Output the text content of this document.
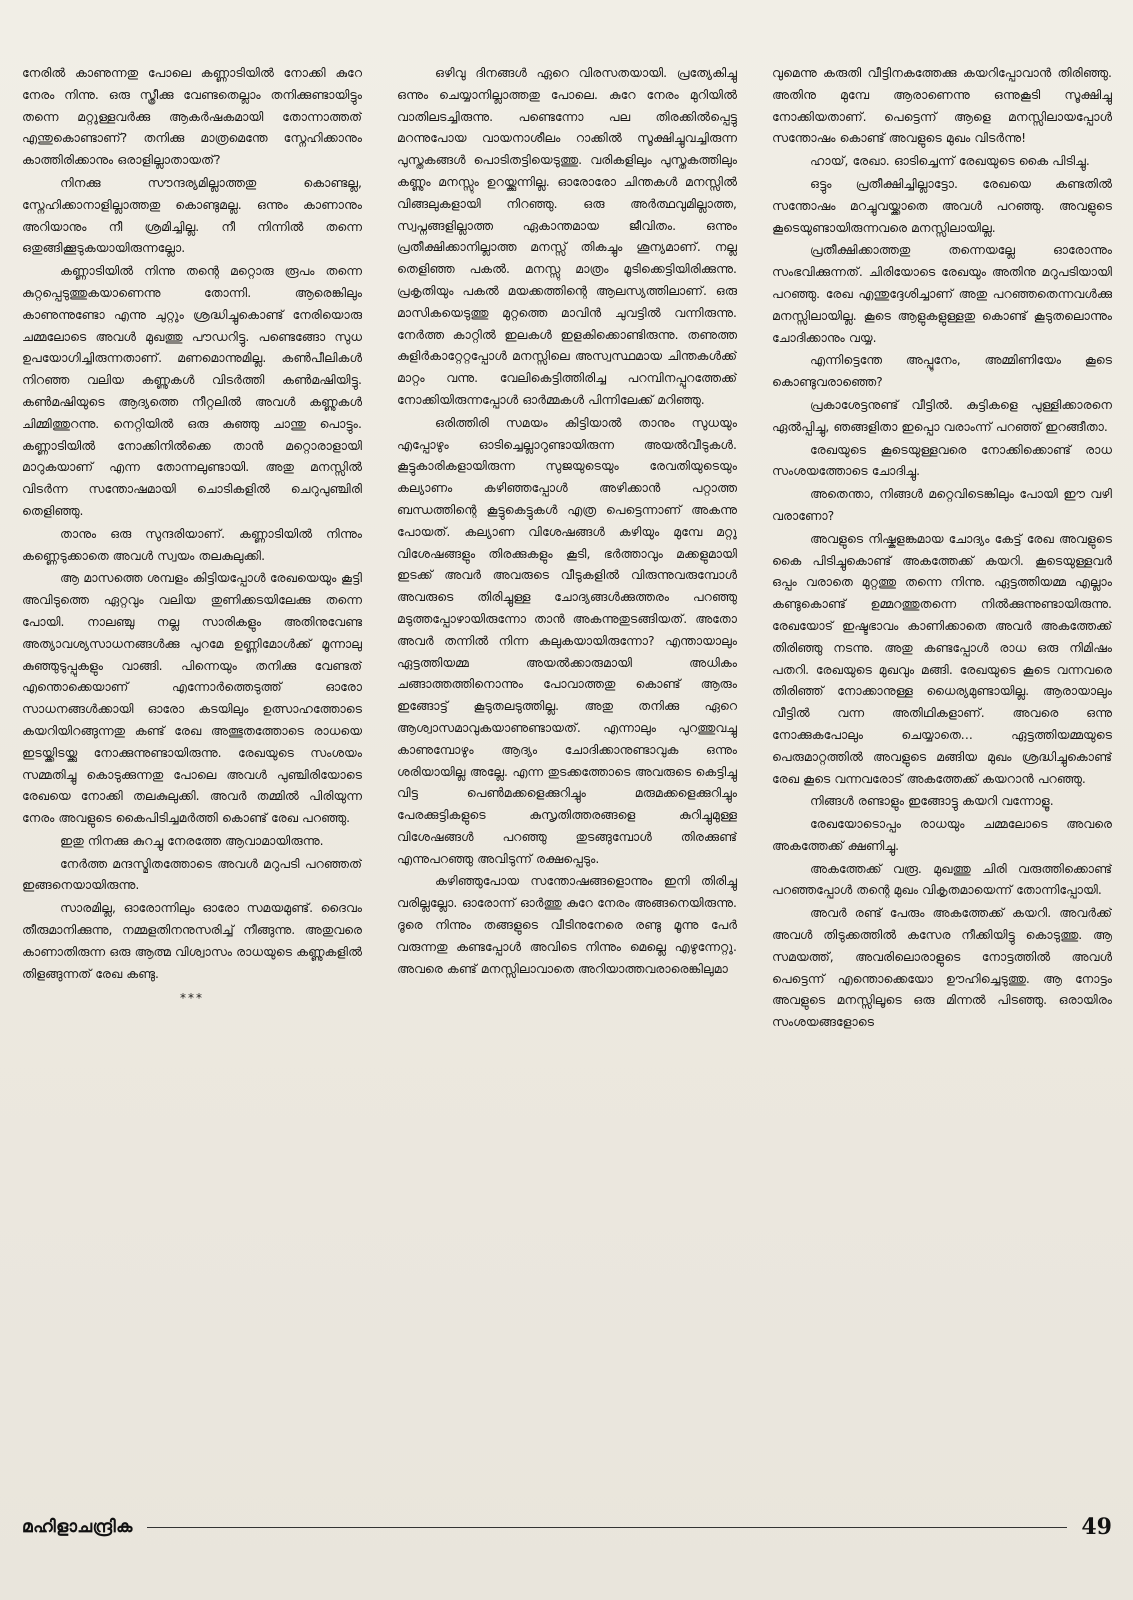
നേരിൽ കാണുന്നതു പോലെ കണ്ണാടിയിൽ നോക്കി കുറേ നേരം നിന്നു. ഒരു സ്ത്രീക്കു വേണ്ടതെല്ലാം തനിക്കുണ്ടായിട്ടും തന്നെ മറ്റുള്ളവർക്കു ആകർഷകമായി തോന്നാത്തത് എന്തുകൊണ്ടാണ്? തനിക്കു മാത്രമെന്തേ സ്നേഹിക്കാനും കാത്തിരിക്കാനും ഒരാളില്ലാതായത്?

നിനക്കു സൗന്ദര്യമില്ലാത്തതു കൊണ്ടല്ല, സ്നേഹിക്കാനാളില്ലാത്തതു കൊണ്ടുമല്ല. ഒന്നും കാണാനും അറിയാനും നീ ശ്രമിച്ചില്ല. നീ നിന്നിൽ തന്നെ ഒതുങ്ങിക്കൂടുകയായിരുന്നല്ലോ.

കണ്ണാടിയിൽ നിന്നു തന്റെ മറ്റൊരു രൂപം തന്നെ കുറ്റപ്പെടുത്തുകയാണെന്നു തോന്നി. ആരെങ്കിലും കാണുന്നുണ്ടോ എന്നു ചുറ്റും ശ്രദ്ധിച്ചുകൊണ്ട് നേരിയൊരു ചമ്മലോടെ അവൾ മുഖത്തു പൗഡറിട്ടു. പണ്ടെങ്ങോ സുധ ഉപയോഗിച്ചിരുന്നതാണ്. മണമൊന്നുമില്ല. കൺപീലികൾ നിറഞ്ഞ വലിയ കണ്ണുകൾ വിടർത്തി കൺമഷിയിട്ടു. കൺമഷിയുടെ ആദ്യത്തെ നീറ്റലിൽ അവൾ കണ്ണുകൾ ചിമ്മിത്തുറന്നു. നെറ്റിയിൽ ഒരു കുഞ്ഞു ചാന്തു പൊട്ടും. കണ്ണാടിയിൽ നോക്കിനിൽക്കെ താൻ മറ്റൊരാളായി മാറുകയാണ് എന്ന തോന്നലുണ്ടായി. അതു മനസ്സിൽ വിടർന്ന സന്തോഷമായി ചൊടികളിൽ ചെറുപുഞ്ചിരി തെളിഞ്ഞു.

താനും ഒരു സുന്ദരിയാണ്. കണ്ണാടിയിൽ നിന്നും കണ്ണെടുക്കാതെ അവൾ സ്വയം തലകുലുക്കി.

ആ മാസത്തെ ശമ്പളം കിട്ടിയപ്പോൾ രേഖയെയും കൂട്ടി അവിടുത്തെ ഏറ്റവും വലിയ തുണിക്കടയിലേക്കു തന്നെ പോയി. നാലഞ്ചു നല്ല സാരികളും അതിനുവേണ്ട അത്യാവശ്യസാധനങ്ങൾക്കു പുറമേ ഉണ്ണിമോൾക്ക് മൂന്നാലു കുഞ്ഞുടുപ്പുകളും വാങ്ങി. പിന്നെയും തനിക്കു വേണ്ടത് എന്തൊക്കെയാണ് എന്നോർത്തെടുത്ത് ഓരോ സാധനങ്ങൾക്കായി ഓരോ കടയിലും ഉത്സാഹത്തോടെ കയറിയിറങ്ങുന്നതു കണ്ട് രേഖ അത്ഭുതത്തോടെ രാധയെ ഇടയ്ക്കിടയ്ക്കു നോക്കുന്നുണ്ടായിരുന്നു. രേഖയുടെ സംശയം സമ്മതിച്ചു കൊടുക്കുന്നതു പോലെ അവൾ പുഞ്ചിരിയോടെ രേഖയെ നോക്കി തലകുലുക്കി. അവർ തമ്മിൽ പിരിയുന്ന നേരം അവളുടെ കൈപിടിച്ചമർത്തി കൊണ്ട് രേഖ പറഞ്ഞു.

ഇതു നിനക്കു കുറച്ചു നേരത്തേ ആവാമായിരുന്നു.

നേർത്ത മന്ദസ്മിതത്തോടെ അവൾ മറുപടി പറഞ്ഞത് ഇങ്ങനെയായിരുന്നു.

സാരമില്ല, ഓരോന്നിലും ഓരോ സമയമുണ്ട്. ദൈവം തീരുമാനിക്കുന്നു, നമ്മളതിനനുസരിച്ച് നീങ്ങുന്നു. അതുവരെ കാണാതിരുന്ന ഒരു ആത്മ വിശ്വാസം രാധയുടെ കണ്ണുകളിൽ തിളങ്ങുന്നത് രേഖ കണ്ടു.

***

ഒഴിവു ദിനങ്ങൾ ഏറെ വിരസതയായി. പ്രത്യേകിച്ചു ഒന്നും ചെയ്യാനില്ലാത്തതു പോലെ. കുറേ നേരം മുറിയിൽ വാതിലടച്ചിരുന്നു. പണ്ടെന്നോ പല തിരക്കിൽപ്പെട്ടു മറന്നുപോയ വായനാശീലം റാക്കിൽ സൂക്ഷിച്ചുവച്ചിരുന്ന പുസ്തകങ്ങൾ പൊടിതട്ടിയെടുത്തു. വരികളിലും പുസ്തകത്തിലും കണ്ണും മനസ്സും ഉറയ്ക്കുന്നില്ല. ഓരോരോ ചിന്തകൾ മനസ്സിൽ വിങ്ങലുകളായി നിറഞ്ഞു. ഒരു അർത്ഥവുമില്ലാത്ത, സ്വപ്നങ്ങളില്ലാത്ത ഏകാന്തമായ ജീവിതം. ഒന്നും പ്രതീക്ഷിക്കാനില്ലാത്ത മനസ്സ് തികച്ചും ശൂന്യമാണ്. നല്ല തെളിഞ്ഞ പകൽ. മനസ്സു മാത്രം മൂടിക്കെട്ടിയിരിക്കുന്നു. പ്രകൃതിയും പകൽ മയക്കത്തിന്റെ ആലസ്യത്തിലാണ്. ഒരു മാസികയെടുത്തു മുറ്റത്തെ മാവിൻ ചുവട്ടിൽ വന്നിരുന്നു. നേർത്ത കാറ്റിൽ ഇലകൾ ഇളകിക്കൊണ്ടിരുന്നു. തണുത്ത കുളിർകാറ്റേറ്റപ്പോൾ മനസ്സിലെ അസ്വസ്ഥമായ ചിന്തകൾക്ക് മാറ്റം വന്നു. വേലികെട്ടിത്തിരിച്ച പറമ്പിനപ്പുറത്തേക്ക് നോക്കിയിരുന്നപ്പോൾ ഓർമ്മകൾ പിന്നിലേക്ക് മറിഞ്ഞു.

ഒരിത്തിരി സമയം കിട്ടിയാൽ താനും സുധയും എപ്പോഴും ഓടിച്ചെല്ലാറുണ്ടായിരുന്ന അയൽവീടുകൾ. കൂട്ടുകാരികളായിരുന്ന സുജയുടെയും രേവതിയുടെയും കല്യാണം കഴിഞ്ഞപ്പോൾ അഴിക്കാൻ പറ്റാത്ത ബന്ധത്തിന്റെ കൂട്ടുകെട്ടുകൾ എത്ര പെട്ടെന്നാണ് അകന്നു പോയത്. കല്യാണ വിശേഷങ്ങൾ കഴിയും മുമ്പേ മറ്റു വിശേഷങ്ങളും തിരക്കുകളും കൂടി, ഭർത്താവും മക്കളുമായി ഇടക്ക് അവർ അവരുടെ വീടുകളിൽ വിരുന്നുവരുമ്പോൾ അവരുടെ തിരിച്ചുള്ള ചോദ്യങ്ങൾക്കുത്തരം പറഞ്ഞു മടുത്തപ്പോഴായിരുന്നോ താൻ അകന്നുതുടങ്ങിയത്. അതോ അവർ തന്നിൽ നിന്ന കലുകയായിരുന്നോ? എന്തായാലും ഏട്ടത്തിയമ്മ അയൽക്കാരുമായി അധികം ചങ്ങാത്തത്തിനൊന്നും പോവാത്തതു കൊണ്ട് ആരും ഇങ്ങോട്ട് കൂടുതലടുത്തില്ല. അതു തനിക്കു ഏറെ ആശ്വാസമാവുകയാണുണ്ടായത്. എന്നാലും പുറത്തുവച്ചു കാണുമ്പോഴും ആദ്യം ചോദിക്കാനുണ്ടാവുക ഒന്നും ശരിയായില്ല അല്ലേ. എന്ന തുടക്കത്തോടെ അവരുടെ കെട്ടിച്ചു വിട്ട പെൺമക്കളെക്കുറിച്ചും മരുമക്കളെക്കുറിച്ചും പേരക്കുട്ടികളുടെ കുസൃതിത്തരങ്ങളെ കുറിച്ചുമുള്ള വിശേഷങ്ങൾ പറഞ്ഞു തുടങ്ങുമ്പോൾ തിരക്കുണ്ട് എന്നുപറഞ്ഞു അവിടുന്ന് രക്ഷപ്പെടും.

കഴിഞ്ഞുപോയ സന്തോഷങ്ങളൊന്നും ഇനി തിരിച്ചു വരില്ലല്ലോ. ഓരോന്ന് ഓർത്തു കുറേ നേരം അങ്ങനെയിരുന്നു. ദൂരെ നിന്നും തങ്ങളുടെ വീടിനുനേരെ രണ്ടു മൂന്നു പേർ വരുന്നതു കണ്ടപ്പോൾ അവിടെ നിന്നും മെല്ലെ എഴുന്നേറ്റു. അവരെ കണ്ട് മനസ്സിലാവാതെ അറിയാത്തവരാരെങ്കിലുമാ

വുമെന്നു കരുതി വീട്ടിനകത്തേക്കു കയറിപ്പോവാൻ തിരിഞ്ഞു. അതിനു മുമ്പേ ആരാണെന്നു ഒന്നുകൂടി സൂക്ഷിച്ചു നോക്കിയതാണ്. പെട്ടെന്ന് ആളെ മനസ്സിലായപ്പോൾ സന്തോഷം കൊണ്ട് അവളുടെ മുഖം വിടർന്നു!

ഹായ്, രേഖാ. ഓടിച്ചെന്ന് രേഖയുടെ കൈ പിടിച്ചു.

ഒട്ടും പ്രതീക്ഷിച്ചില്ലാട്ടോ. രേഖയെ കണ്ടതിൽ സന്തോഷം മറച്ചുവയ്ക്കാതെ അവൾ പറഞ്ഞു. അവളുടെ കൂടെയുണ്ടായിരുന്നവരെ മനസ്സിലായില്ല.

പ്രതീക്ഷിക്കാത്തതു തന്നെയല്ലേ ഓരോന്നും സംഭവിക്കുന്നത്. ചിരിയോടെ രേഖയും അതിനു മറുപടിയായി പറഞ്ഞു. രേഖ എന്തുദ്ദേശിച്ചാണ് അതു പറഞ്ഞതെന്നവൾക്കു മനസ്സിലായില്ല. കൂടെ ആളുകളുള്ളതു കൊണ്ട് കൂടുതലൊന്നും ചോദിക്കാനും വയ്യ.

എന്നിട്ടെന്തേ അപ്പൂനേം, അമ്മിണിയേം കൂടെ കൊണ്ടുവരാഞ്ഞെ?

പ്രകാശേട്ടനുണ്ട് വീട്ടിൽ. കുട്ടികളെ പുള്ളിക്കാരനെ ഏൽപ്പിച്ചു, ഞങ്ങളിതാ ഇപ്പൊ വരാംന്ന് പറഞ്ഞ് ഇറങ്ങീതാ.

രേഖയുടെ കൂടെയുള്ളവരെ നോക്കിക്കൊണ്ട് രാധ സംശയത്തോടെ ചോദിച്ചു.

അതെന്താ, നിങ്ങൾ മറ്റെവിടെങ്കിലും പോയി ഈ വഴി വരാണോ?

അവളുടെ നിഷ്കളങ്കമായ ചോദ്യം കേട്ട് രേഖ അവളുടെ കൈ പിടിച്ചുകൊണ്ട് അകത്തേക്ക് കയറി. കൂടെയുള്ളവർ ഒപ്പം വരാതെ മുറ്റത്തു തന്നെ നിന്നു. ഏട്ടത്തിയമ്മ എല്ലാം കണ്ടുകൊണ്ട് ഉമ്മറത്തുതന്നെ നിൽക്കുന്നുണ്ടായിരുന്നു. രേഖയോട് ഇഷ്ടഭാവം കാണിക്കാതെ അവർ അകത്തേക്ക് തിരിഞ്ഞു നടന്നു. അതു കണ്ടപ്പോൾ രാധ ഒരു നിമിഷം പതറി. രേഖയുടെ മുഖവും മങ്ങി. രേഖയുടെ കൂടെ വന്നവരെ തിരിഞ്ഞ് നോക്കാനുള്ള ധൈര്യമുണ്ടായില്ല. ആരായാലും വീട്ടിൽ വന്ന അതിഥികളാണ്. അവരെ ഒന്നു നോക്കുകപോലും ചെയ്യാതെ... ഏട്ടത്തിയമ്മയുടെ പെരുമാറ്റത്തിൽ അവളുടെ മങ്ങിയ മുഖം ശ്രദ്ധിച്ചുകൊണ്ട് രേഖ കൂടെ വന്നവരോട് അകത്തേക്ക് കയറാൻ പറഞ്ഞു.

നിങ്ങൾ രണ്ടാളും ഇങ്ങോട്ടു കയറി വന്നോളൂ.

രേഖയോടൊപ്പം രാധയും ചമ്മലോടെ അവരെ അകത്തേക്ക് ക്ഷണിച്ചു.

അകത്തേക്ക് വരൂ. മുഖത്തു ചിരി വരുത്തിക്കൊണ്ട് പറഞ്ഞപ്പോൾ തന്റെ മുഖം വികൃതമായെന്ന് തോന്നിപ്പോയി.

അവർ രണ്ട് പേരും അകത്തേക്ക് കയറി. അവർക്ക് അവൾ തിടുക്കത്തിൽ കസേര നീക്കിയിട്ടു കൊടുത്തു. ആ സമയത്ത്, അവരിലൊരാളുടെ നോട്ടത്തിൽ അവൾ പെട്ടെന്ന് എന്തൊക്കെയോ ഊഹിച്ചെടുത്തു. ആ നോട്ടം അവളുടെ മനസ്സിലൂടെ ഒരു മിന്നൽ പിടഞ്ഞു. ഒരായിരം സംശയങ്ങളോടെ

മഹിളാചന്ദ്രിക	49
